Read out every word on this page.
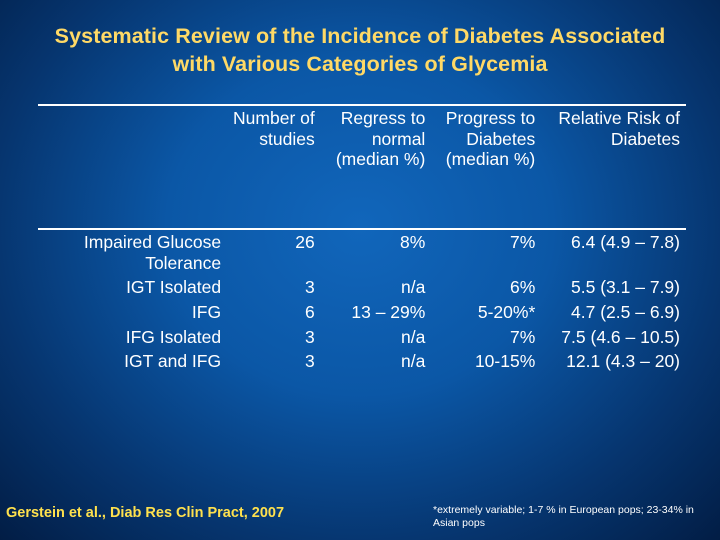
Systematic Review of the Incidence of Diabetes Associated with Various Categories of Glycemia
	Number of studies	Regress to normal (median %)	Progress to Diabetes (median %)	Relative Risk of Diabetes
Impaired Glucose Tolerance	26	8%	7%	6.4 (4.9 – 7.8)
IGT Isolated	3	n/a	6%	5.5 (3.1 – 7.9)
IFG	6	13 – 29%	5-20%*	4.7 (2.5 – 6.9)
IFG Isolated	3	n/a	7%	7.5 (4.6 – 10.5)
IGT and IFG	3	n/a	10-15%	12.1 (4.3 – 20)
Gerstein et al., Diab Res Clin Pract, 2007	*extremely variable; 1-7 % in European pops; 23-34% in Asian pops
